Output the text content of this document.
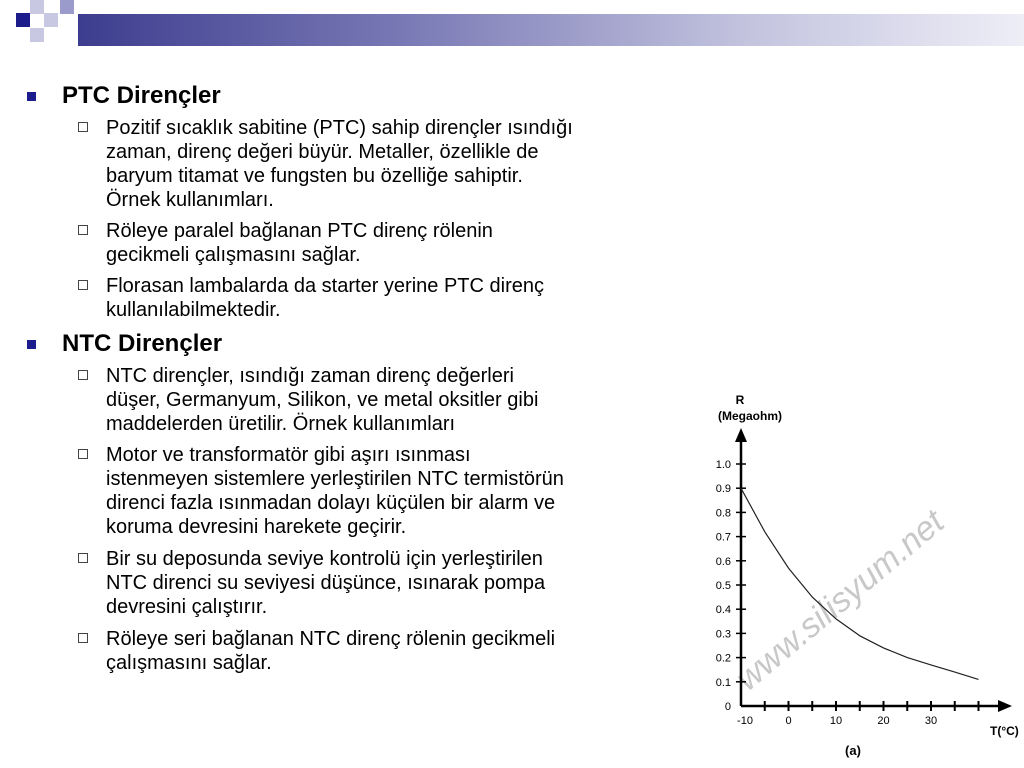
PTC Dirençler
Pozitif sıcaklık sabitine (PTC) sahip dirençler ısındığı
zaman, direnç değeri büyür. Metaller, özellikle de
baryum titamat ve fungsten bu özelliğe sahiptir.
Örnek kullanımları.
Röleye paralel bağlanan PTC direnç rölenin
gecikmeli çalışmasını sağlar.
Florasan lambalarda da starter yerine PTC direnç
kullanılabilmektedir.
NTC Dirençler
NTC dirençler, ısındığı zaman direnç değerleri
düşer, Germanyum, Silikon, ve metal oksitler gibi
maddelerden üretilir. Örnek kullanımları
Motor ve transformatör gibi aşırı ısınması
istenmeyen sistemlere yerleştirilen NTC termistörün
direnci fazla ısınmadan dolayı küçülen bir alarm ve
koruma devresini harekete geçirir.
Bir su deposunda seviye kontrolü için yerleştirilen
NTC direnci su seviyesi düşünce, ısınarak pompa
devresini çalıştırır.
Röleye seri bağlanan NTC direnç rölenin gecikmeli
çalışmasını sağlar.	www.silisyum.net
R
(Megaohm)
T(°C)
(a)
1.0
0.9
0.8
0.7
0.6
0.5
0.4
0.3
0.2
0.1
0
-10	0	10	20	30
